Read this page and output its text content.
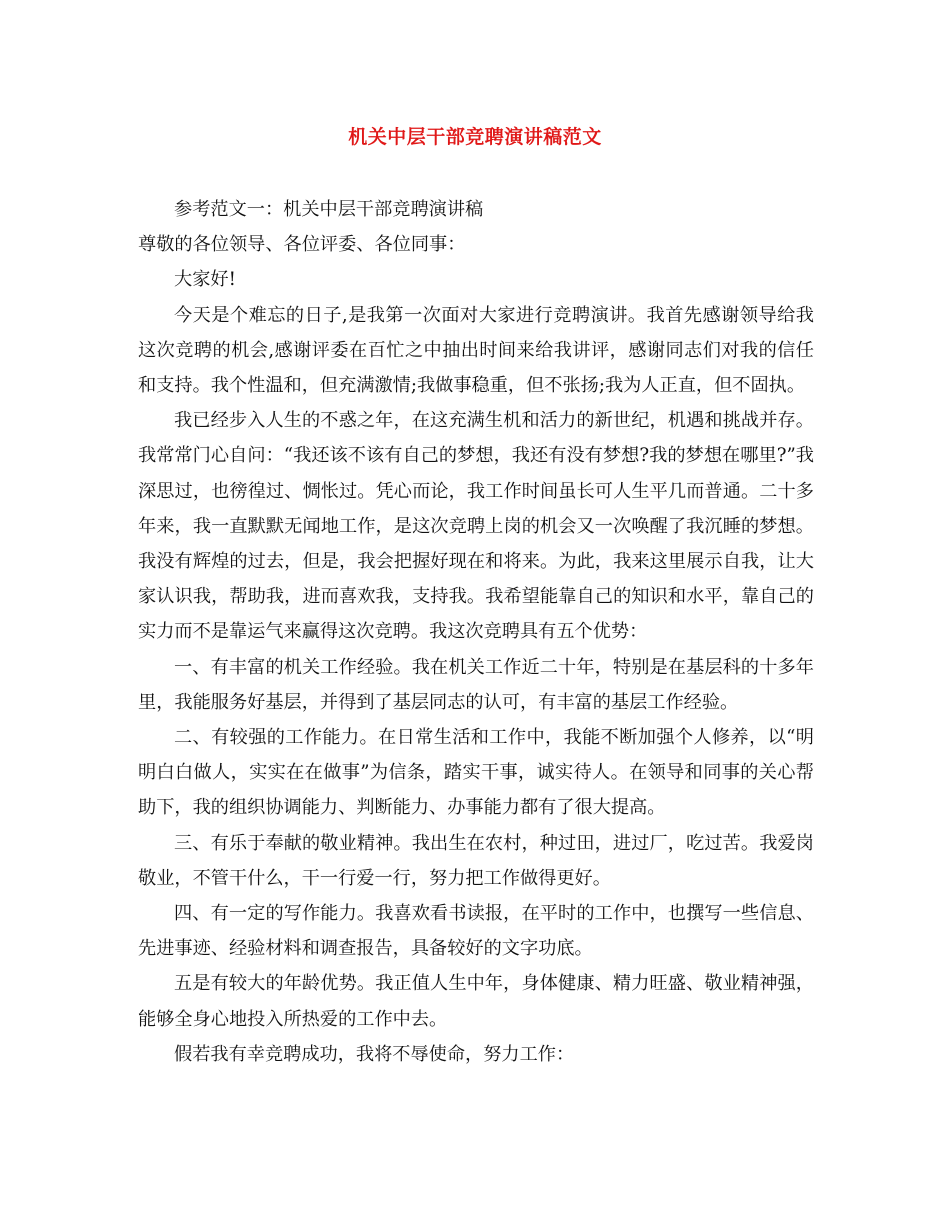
机关中层干部竞聘演讲稿范文

参考范文一：机关中层干部竞聘演讲稿

尊敬的各位领导、各位评委、各位同事：

大家好!

今天是个难忘的日子,是我第一次面对大家进行竞聘演讲。我首先感谢领导给我这次竞聘的机会,感谢评委在百忙之中抽出时间来给我讲评，感谢同志们对我的信任和支持。我个性温和，但充满激情;我做事稳重，但不张扬;我为人正直，但不固执。

我已经步入人生的不惑之年，在这充满生机和活力的新世纪，机遇和挑战并存。我常常门心自问：“我还该不该有自己的梦想，我还有没有梦想?我的梦想在哪里?”我深思过，也徬徨过、惆怅过。凭心而论，我工作时间虽长可人生平几而普通。二十多年来，我一直默默无闻地工作，是这次竞聘上岗的机会又一次唤醒了我沉睡的梦想。我没有辉煌的过去，但是，我会把握好现在和将来。为此，我来这里展示自我，让大家认识我，帮助我，进而喜欢我，支持我。我希望能靠自己的知识和水平，靠自己的实力而不是靠运气来赢得这次竞聘。我这次竞聘具有五个优势：

一、有丰富的机关工作经验。我在机关工作近二十年，特别是在基层科的十多年里，我能服务好基层，并得到了基层同志的认可，有丰富的基层工作经验。

二、有较强的工作能力。在日常生活和工作中，我能不断加强个人修养，以“明明白白做人，实实在在做事”为信条，踏实干事，诚实待人。在领导和同事的关心帮助下，我的组织协调能力、判断能力、办事能力都有了很大提高。

三、有乐于奉献的敬业精神。我出生在农村，种过田，进过厂，吃过苦。我爱岗敬业，不管干什么，干一行爱一行，努力把工作做得更好。

四、有一定的写作能力。我喜欢看书读报，在平时的工作中，也撰写一些信息、先进事迹、经验材料和调查报告，具备较好的文字功底。

五是有较大的年龄优势。我正值人生中年，身体健康、精力旺盛、敬业精神强，能够全身心地投入所热爱的工作中去。

假若我有幸竞聘成功，我将不辱使命，努力工作：
